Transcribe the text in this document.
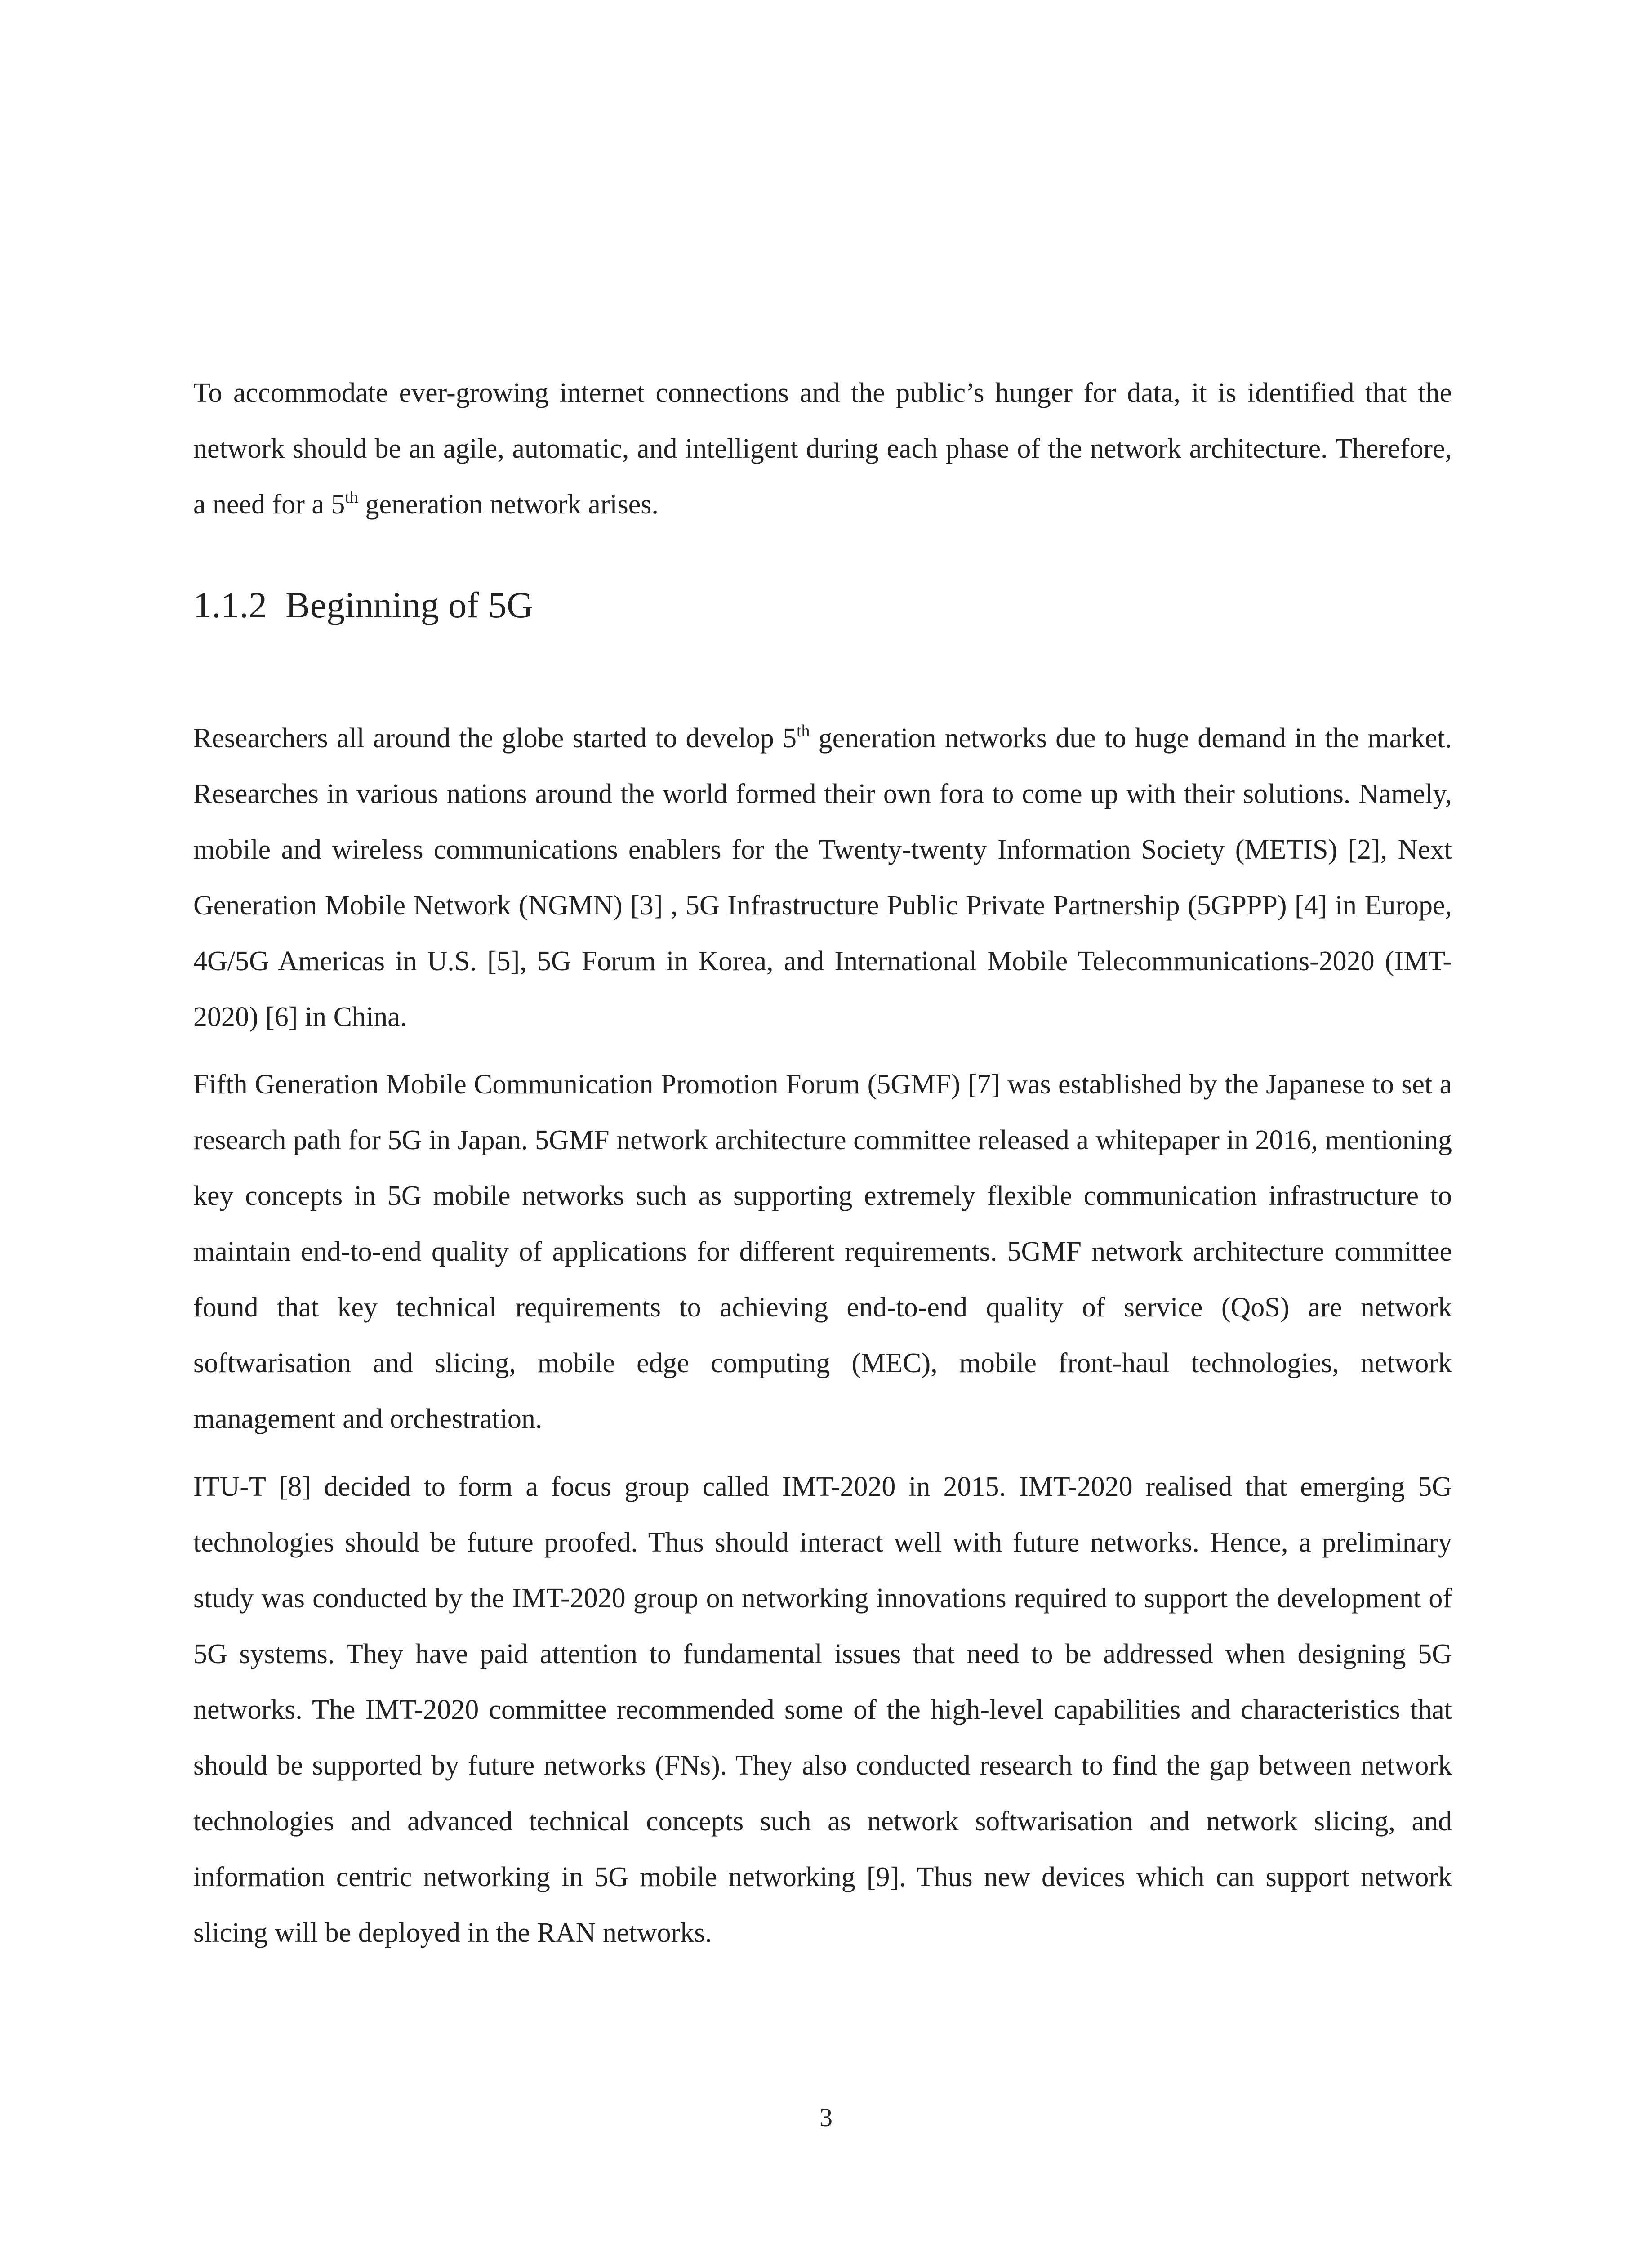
To accommodate ever-growing internet connections and the public’s hunger for data, it is identified that the network should be an agile, automatic, and intelligent during each phase of the network architecture. Therefore, a need for a 5th generation network arises.

1.1.2  Beginning of 5G

Researchers all around the globe started to develop 5th generation networks due to huge demand in the market. Researches in various nations around the world formed their own fora to come up with their solutions. Namely, mobile and wireless communications enablers for the Twenty-twenty Information Society (METIS) [2], Next Generation Mobile Network (NGMN) [3] , 5G Infrastructure Public Private Partnership (5GPPP) [4] in Europe, 4G/5G Americas in U.S. [5], 5G Forum in Korea, and International Mobile Telecommunications-2020 (IMT-2020) [6] in China.

Fifth Generation Mobile Communication Promotion Forum (5GMF) [7] was established by the Japanese to set a research path for 5G in Japan. 5GMF network architecture committee released a whitepaper in 2016, mentioning key concepts in 5G mobile networks such as supporting extremely flexible communication infrastructure to maintain end-to-end quality of applications for different requirements. 5GMF network architecture committee found that key technical requirements to achieving end-to-end quality of service (QoS) are network softwarisation and slicing, mobile edge computing (MEC), mobile front-haul technologies, network management and orchestration.

ITU-T [8] decided to form a focus group called IMT-2020 in 2015. IMT-2020 realised that emerging 5G technologies should be future proofed. Thus should interact well with future networks. Hence, a preliminary study was conducted by the IMT-2020 group on networking innovations required to support the development of 5G systems. They have paid attention to fundamental issues that need to be addressed when designing 5G networks. The IMT-2020 committee recommended some of the high-level capabilities and characteristics that should be supported by future networks (FNs). They also conducted research to find the gap between network technologies and advanced technical concepts such as network softwarisation and network slicing, and information centric networking in 5G mobile networking [9]. Thus new devices which can support network slicing will be deployed in the RAN networks.

3
